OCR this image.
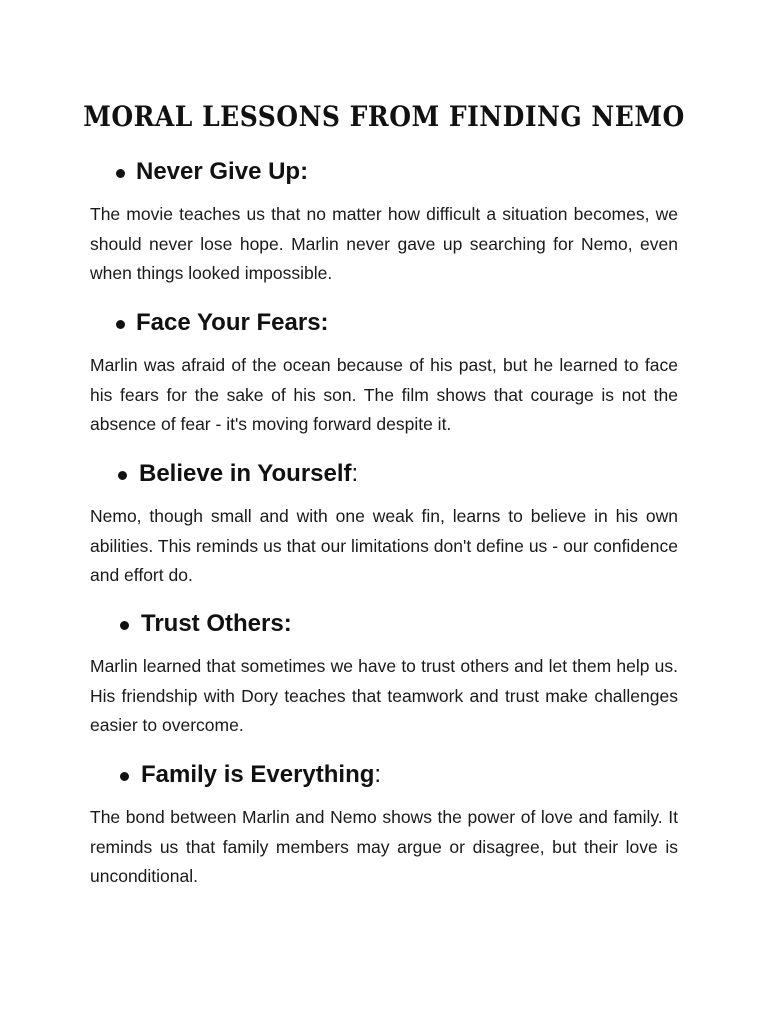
MORAL LESSONS FROM FINDING NEMO
Never Give Up:
The movie teaches us that no matter how difficult a situation becomes, we should never lose hope. Marlin never gave up searching for Nemo, even when things looked impossible.
Face Your Fears:
Marlin was afraid of the ocean because of his past, but he learned to face his fears for the sake of his son. The film shows that courage is not the absence of fear - it's moving forward despite it.
Believe in Yourself:
Nemo, though small and with one weak fin, learns to believe in his own abilities. This reminds us that our limitations don't define us - our confidence and effort do.
Trust Others:
Marlin learned that sometimes we have to trust others and let them help us. His friendship with Dory teaches that teamwork and trust make challenges easier to overcome.
Family is Everything:
The bond between Marlin and Nemo shows the power of love and family. It reminds us that family members may argue or disagree, but their love is unconditional.
